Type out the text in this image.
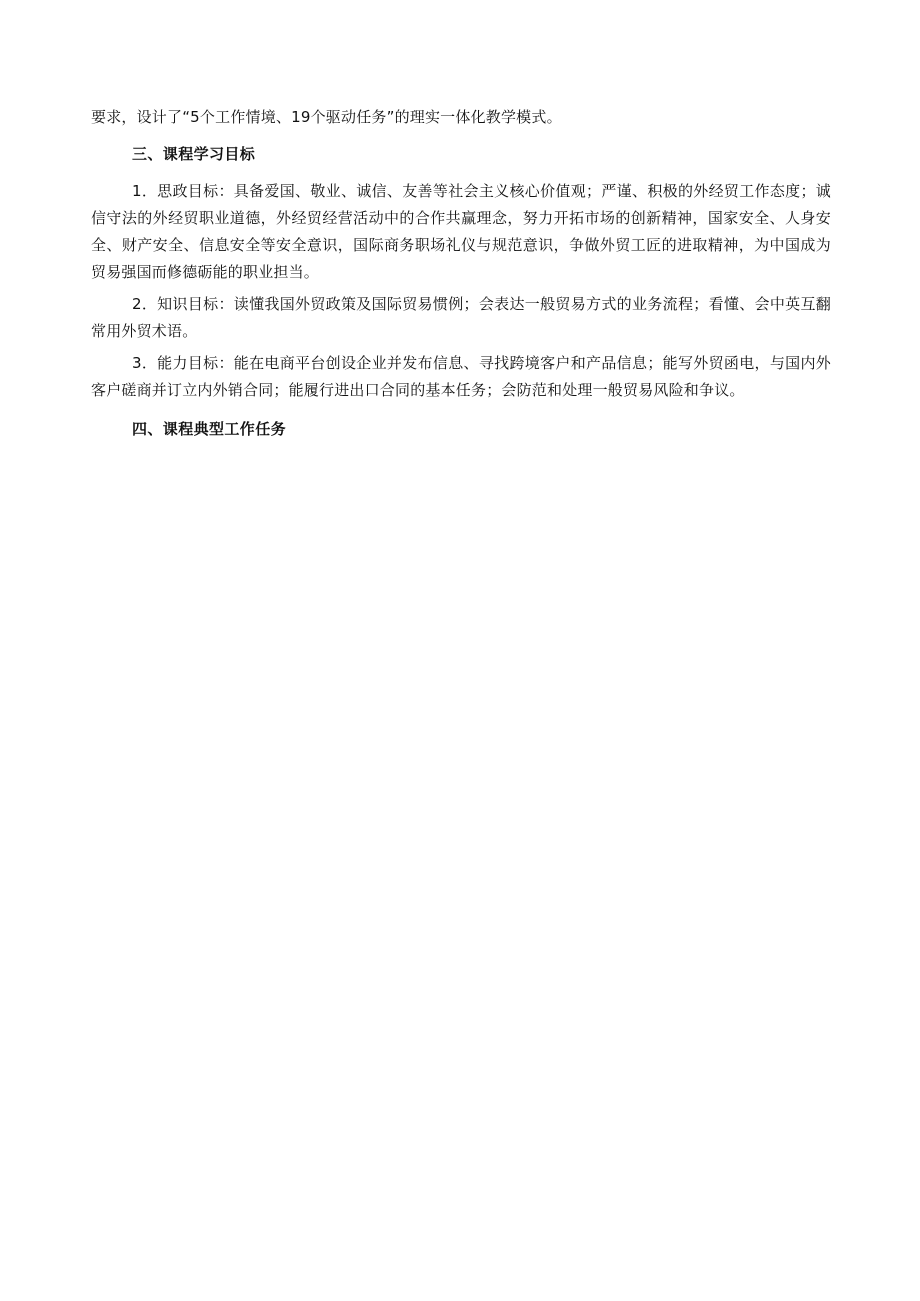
要求，设计了“5个工作情境、19个驱动任务”的理实一体化教学模式。

三、课程学习目标

1．思政目标：具备爱国、敬业、诚信、友善等社会主义核心价值观；严谨、积极的外经贸工作态度；诚信守法的外经贸职业道德，外经贸经营活动中的合作共赢理念，努力开拓市场的创新精神，国家安全、人身安全、财产安全、信息安全等安全意识，国际商务职场礼仪与规范意识，争做外贸工匠的进取精神，为中国成为贸易强国而修德砺能的职业担当。

2．知识目标：读懂我国外贸政策及国际贸易惯例；会表达一般贸易方式的业务流程；看懂、会中英互翻常用外贸术语。

3．能力目标：能在电商平台创设企业并发布信息、寻找跨境客户和产品信息；能写外贸函电，与国内外客户磋商并订立内外销合同；能履行进出口合同的基本任务；会防范和处理一般贸易风险和争议。

四、课程典型工作任务
